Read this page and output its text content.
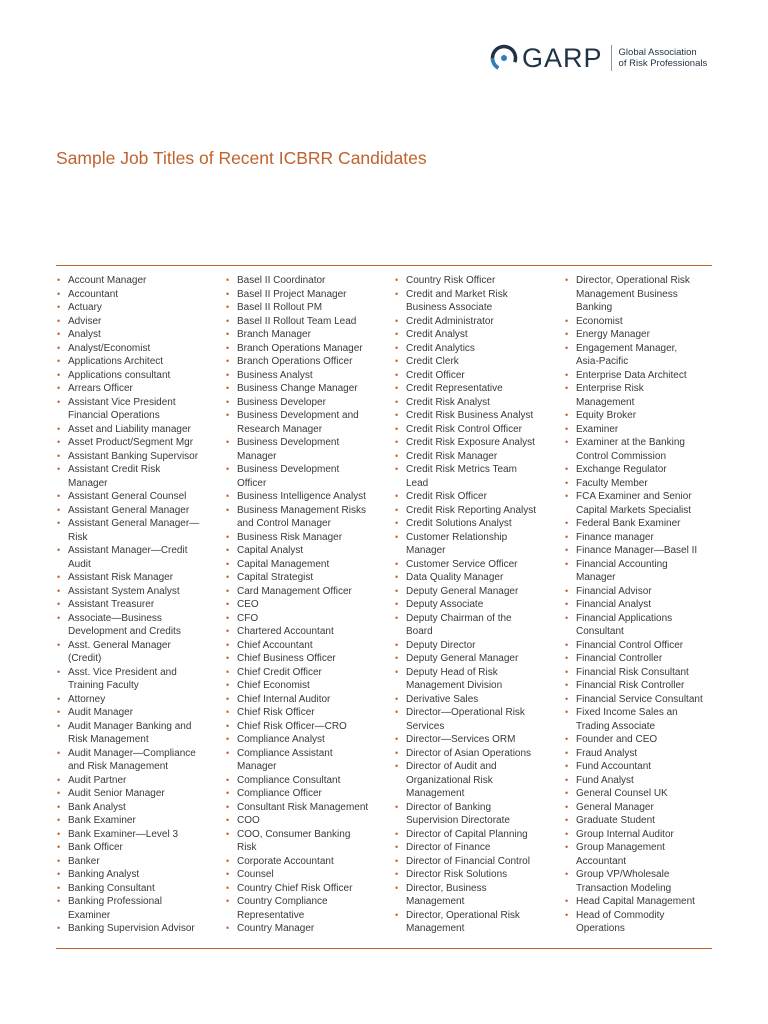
GARP Global Association
of Risk Professionals
Sample Job Titles of Recent ICBRR Candidates
• Account Manager
• Accountant
• Actuary
• Adviser
• Analyst
• Analyst/Economist
• Applications Architect
• Applications consultant
• Arrears Officer
• Assistant Vice President
Financial Operations
• Asset and Liability manager
• Asset Product/Segment Mgr
• Assistant Banking Supervisor
• Assistant Credit Risk
Manager
• Assistant General Counsel
• Assistant General Manager
• Assistant General Manager—
Risk
• Assistant Manager—Credit
Audit
• Assistant Risk Manager
• Assistant System Analyst
• Assistant Treasurer
• Associate—Business
Development and Credits
• Asst. General Manager
(Credit)
• Asst. Vice President and
Training Faculty
• Attorney
• Audit Manager
• Audit Manager Banking and
Risk Management
• Audit Manager—Compliance
and Risk Management
• Audit Partner
• Audit Senior Manager
• Bank Analyst
• Bank Examiner
• Bank Examiner—Level 3
• Bank Officer
• Banker
• Banking Analyst
• Banking Consultant
• Banking Professional
Examiner
• Banking Supervision Advisor
• Basel II Coordinator
• Basel II Project Manager
• Basel II Rollout PM
• Basel II Rollout Team Lead
• Branch Manager
• Branch Operations Manager
• Branch Operations Officer
• Business Analyst
• Business Change Manager
• Business Developer
• Business Development and
Research Manager
• Business Development
Manager
• Business Development
Officer
• Business Intelligence Analyst
• Business Management Risks
and Control Manager
• Business Risk Manager
• Capital Analyst
• Capital Management
• Capital Strategist
• Card Management Officer
• CEO
• CFO
• Chartered Accountant
• Chief Accountant
• Chief Business Officer
• Chief Credit Officer
• Chief Economist
• Chief Internal Auditor
• Chief Risk Officer
• Chief Risk Officer—CRO
• Compliance Analyst
• Compliance Assistant
Manager
• Compliance Consultant
• Compliance Officer
• Consultant Risk Management
• COO
• COO, Consumer Banking
Risk
• Corporate Accountant
• Counsel
• Country Chief Risk Officer
• Country Compliance
Representative
• Country Manager
• Country Risk Officer
• Credit and Market Risk
Business Associate
• Credit Administrator
• Credit Analyst
• Credit Analytics
• Credit Clerk
• Credit Officer
• Credit Representative
• Credit Risk Analyst
• Credit Risk Business Analyst
• Credit Risk Control Officer
• Credit Risk Exposure Analyst
• Credit Risk Manager
• Credit Risk Metrics Team
Lead
• Credit Risk Officer
• Credit Risk Reporting Analyst
• Credit Solutions Analyst
• Customer Relationship
Manager
• Customer Service Officer
• Data Quality Manager
• Deputy General Manager
• Deputy Associate
• Deputy Chairman of the
Board
• Deputy Director
• Deputy General Manager
• Deputy Head of Risk
Management Division
• Derivative Sales
• Director—Operational Risk
Services
• Director—Services ORM
• Director of Asian Operations
• Director of Audit and
Organizational Risk
Management
• Director of Banking
Supervision Directorate
• Director of Capital Planning
• Director of Finance
• Director of Financial Control
• Director Risk Solutions
• Director, Business
Management
• Director, Operational Risk
Management
• Director, Operational Risk
Management Business
Banking
• Economist
• Energy Manager
• Engagement Manager,
Asia-Pacific
• Enterprise Data Architect
• Enterprise Risk
Management
• Equity Broker
• Examiner
• Examiner at the Banking
Control Commission
• Exchange Regulator
• Faculty Member
• FCA Examiner and Senior
Capital Markets Specialist
• Federal Bank Examiner
• Finance manager
• Finance Manager—Basel II
• Financial Accounting
Manager
• Financial Advisor
• Financial Analyst
• Financial Applications
Consultant
• Financial Control Officer
• Financial Controller
• Financial Risk Consultant
• Financial Risk Controller
• Financial Service Consultant
• Fixed Income Sales an
Trading Associate
• Founder and CEO
• Fraud Analyst
• Fund Accountant
• Fund Analyst
• General Counsel UK
• General Manager
• Graduate Student
• Group Internal Auditor
• Group Management
Accountant
• Group VP/Wholesale
Transaction Modeling
• Head Capital Management
• Head of Commodity
Operations
